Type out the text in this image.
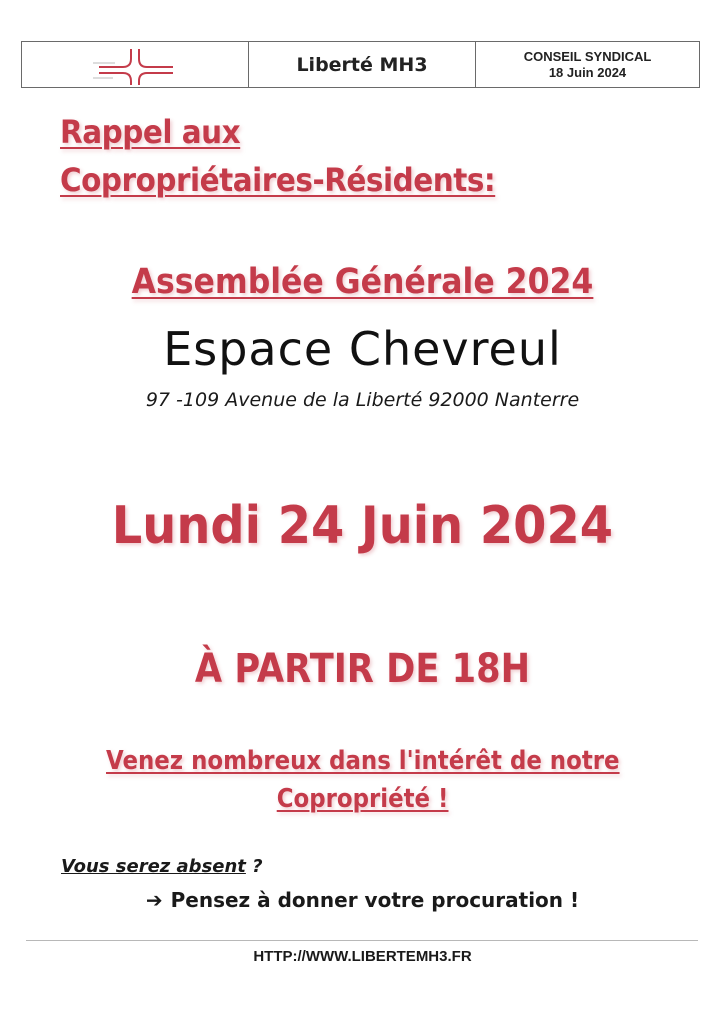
Liberté MH3	CONSEIL SYNDICAL
18 Juin 2024
Rappel aux
Copropriétaires-Résidents:
Assemblée Générale 2024
Espace Chevreul
97 -109 Avenue de la Liberté 92000 Nanterre
Lundi 24 Juin 2024
À PARTIR DE 18H
Venez nombreux dans l'intérêt de notre
Copropriété !
Vous serez absent ?
➔ Pensez à donner votre procuration !
HTTP://WWW.LIBERTEMH3.FR
